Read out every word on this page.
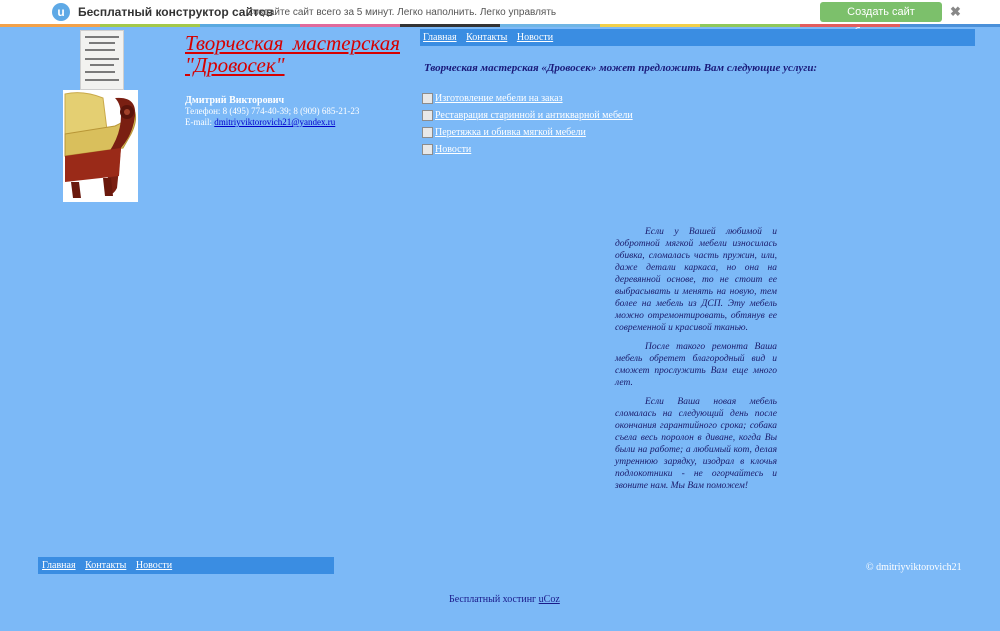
u	Бесплатный конструктор сайтов
Создайте сайт всего за 5 минут. Легко наполнить. Легко управлять	Создать сайт	✖
Творческая мастерская "Дровосек"
Дмитрий Викторович
Телефон: 8 (495) 774-40-39; 8 (909) 685-21-23
E-mail: dmitriyviktorovich21@yandex.ru
Главная Контакты Новости
Творческая мастерская «Дровосек» может предложить Вам следующие услуги:
Изготовление мебели на заказ
Реставрация старинной и антикварной мебели
Перетяжка и обивка мягкой мебели
Новости

Если у Вашей любимой и добротной мягкой мебели износилась обивка, сломалась часть пружин, или, даже детали каркаса, но она на деревянной основе, то не стоит ее выбрасывать и менять на новую, тем более на мебель из ДСП. Эту мебель можно отремонтировать, обтянув ее современной и красивой тканью.

После такого ремонта Ваша мебель обретет благородный вид и сможет прослужить Вам еще много лет.

Если Ваша новая мебель сломалась на следующий день после окончания гарантийного срока; собака съела весь поролон в диване, когда Вы были на работе; а любимый кот, делая утреннюю зарядку, изодрал в клочья подлокотники - не огорчайтесь и звоните нам. Мы Вам поможем!

Главная Контакты Новости	© dmitriyviktorovich21
Бесплатный хостинг uCoz
